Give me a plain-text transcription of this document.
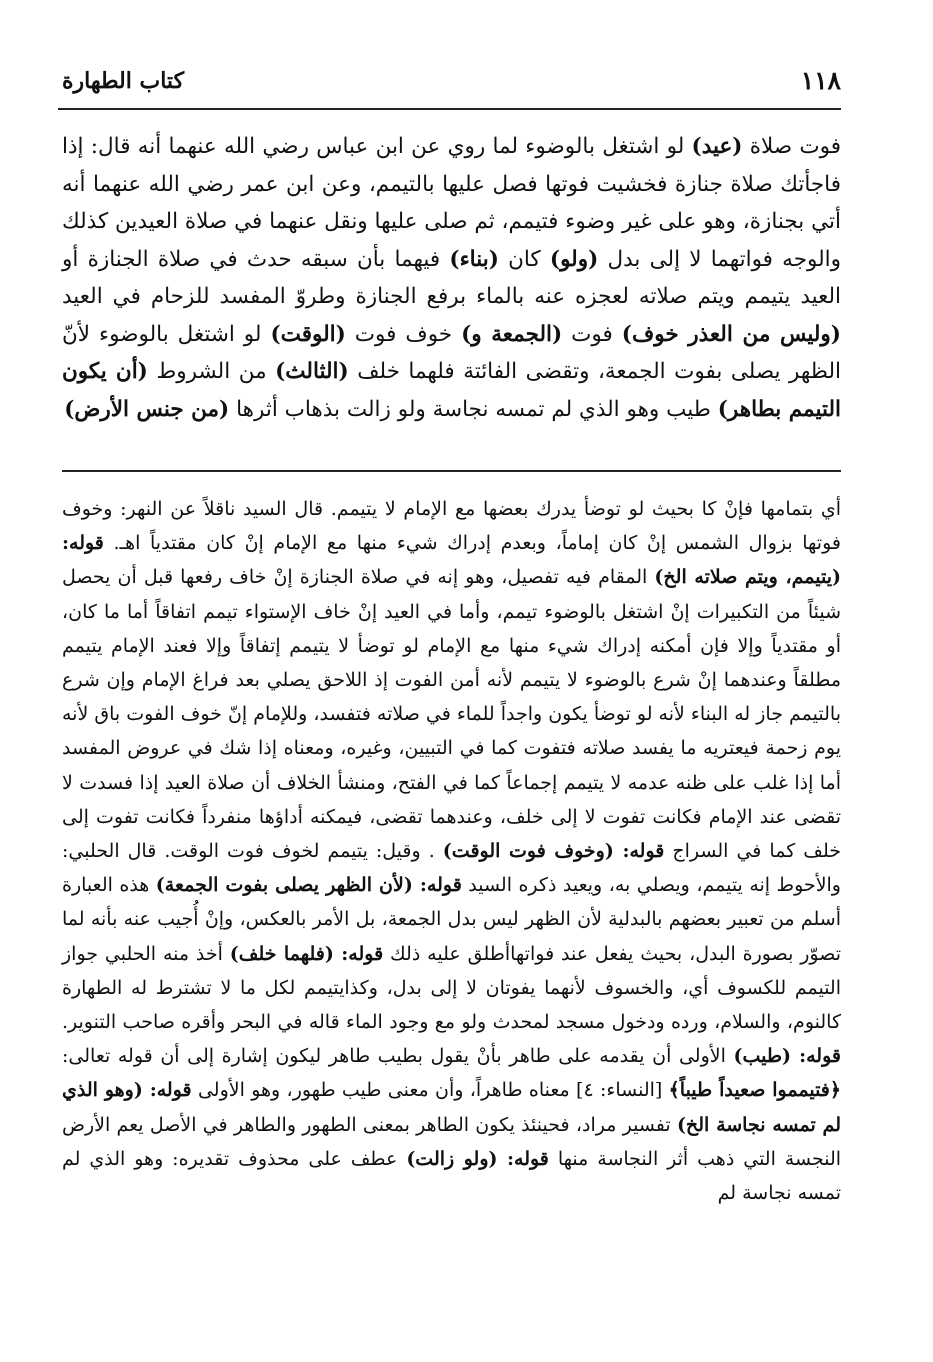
١١٨
كتاب الطهارة

فوت صلاة (عيد) لو اشتغل بالوضوء لما روي عن ابن عباس رضي الله عنهما أنه قال: إذا فاجأتك صلاة جنازة فخشيت فوتها فصل عليها بالتيمم، وعن ابن عمر رضي الله عنهما أنه أتي بجنازة، وهو على غير وضوء فتيمم، ثم صلى عليها ونقل عنهما في صلاة العيدين كذلك والوجه فواتهما لا إلى بدل (ولو) كان (بناء) فيهما بأن سبقه حدث في صلاة الجنازة أو العيد يتيمم ويتم صلاته لعجزه عنه بالماء برفع الجنازة وطروّ المفسد للزحام في العيد (وليس من العذر خوف) فوت (الجمعة و) خوف فوت (الوقت) لو اشتغل بالوضوء لأنّ الظهر يصلى بفوت الجمعة، وتقضى الفائتة فلهما خلف (الثالث) من الشروط (أن يكون التيمم بطاهر) طيب وهو الذي لم تمسه نجاسة ولو زالت بذهاب أثرها (من جنس الأرض)

أي بتمامها فإنْ كا بحيث لو توضأ يدرك بعضها مع الإمام لا يتيمم. قال السيد ناقلاً عن النهر: وخوف فوتها بزوال الشمس إنْ كان إماماً، وبعدم إدراك شيء منها مع الإمام إنْ كان مقتدياً اهـ. قوله: (يتيمم، ويتم صلاته الخ) المقام فيه تفصيل، وهو إنه في صلاة الجنازة إنْ خاف رفعها قبل أن يحصل شيئاً من التكبيرات إنْ اشتغل بالوضوء تيمم، وأما في العيد إنْ خاف الإستواء تيمم اتفاقاً أما ما كان، أو مقتدياً وإلا فإن أمكنه إدراك شيء منها مع الإمام لو توضأ لا يتيمم إتفاقاً وإلا فعند الإمام يتيمم مطلقاً وعندهما إنْ شرع بالوضوء لا يتيمم لأنه أمن الفوت إذ اللاحق يصلي بعد فراغ الإمام وإن شرع بالتيمم جاز له البناء لأنه لو توضأ يكون واجداً للماء في صلاته فتفسد، وللإمام إنّ خوف الفوت باق لأنه يوم زحمة فيعتريه ما يفسد صلاته فتفوت كما في التبيين، وغيره، ومعناه إذا شك في عروض المفسد أما إذا غلب على ظنه عدمه لا يتيمم إجماعاً كما في الفتح، ومنشأ الخلاف أن صلاة العيد إذا فسدت لا تقضى عند الإمام فكانت تفوت لا إلى خلف، وعندهما تقضى، فيمكنه أداؤها منفرداً فكانت تفوت إلى خلف كما في السراج قوله: (وخوف فوت الوقت) . وقيل: يتيمم لخوف فوت الوقت. قال الحلبي: والأحوط إنه يتيمم، ويصلي به، ويعيد ذكره السيد قوله: (لأن الظهر يصلى بفوت الجمعة) هذه العبارة أسلم من تعبير بعضهم بالبدلية لأن الظهر ليس بدل الجمعة، بل الأمر بالعكس، وإنْ أُجيب عنه بأنه لما تصوّر بصورة البدل، بحيث يفعل عند فواتهاأطلق عليه ذلك قوله: (فلهما خلف) أخذ منه الحلبي جواز التيمم للكسوف أي، والخسوف لأنهما يفوتان لا إلى بدل، وكذايتيمم لكل ما لا تشترط له الطهارة كالنوم، والسلام، ورده ودخول مسجد لمحدث ولو مع وجود الماء قاله في البحر وأقره صاحب التنوير. قوله: (طيب) الأولى أن يقدمه على طاهر بأنْ يقول بطيب طاهر ليكون إشارة إلى أن قوله تعالى: ﴿فتيمموا صعيداً طيباً﴾ [النساء: ٤] معناه طاهراً، وأن معنى طيب طهور، وهو الأولى قوله: (وهو الذي لم تمسه نجاسة الخ) تفسير مراد، فحينئذ يكون الطاهر بمعنى الطهور والطاهر في الأصل يعم الأرض النجسة التي ذهب أثر النجاسة منها قوله: (ولو زالت) عطف على محذوف تقديره: وهو الذي لم تمسه نجاسة لم
